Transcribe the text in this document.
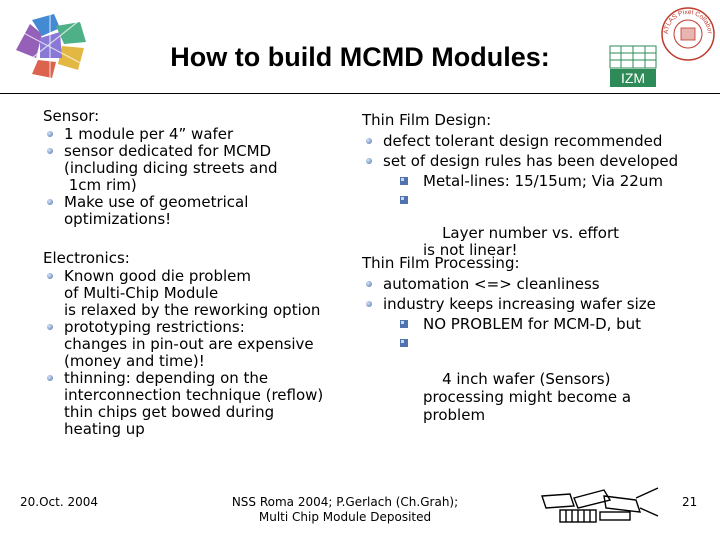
How to build MCMD Modules:
IZM
ATLAS Pixel Collabor
Sensor:
1 module per 4” wafer
sensor dedicated for MCMD
(including dicing streets and
1cm rim)
Make use of geometrical
optimizations!
Electronics:
Known good die problem
of Multi-Chip Module
is relaxed by the reworking option
prototyping restrictions:
changes in pin-out are expensive
(money and time)!
thinning: depending on the
interconnection technique (reflow)
thin chips get bowed during
heating up
Thin Film Design:
defect tolerant design recommended
set of design rules has been developed
Metal-lines: 15/15um; Via 22um

Layer number vs. effort
is not linear!

Thin Film Processing:
automation <=> cleanliness
industry keeps increasing wafer size
NO PROBLEM for MCM-D, but

4 inch wafer (Sensors)
processing might become a
problem

20.Oct. 2004	NSS Roma 2004; P.Gerlach (Ch.Grah);
Multi Chip Module Deposited
21
